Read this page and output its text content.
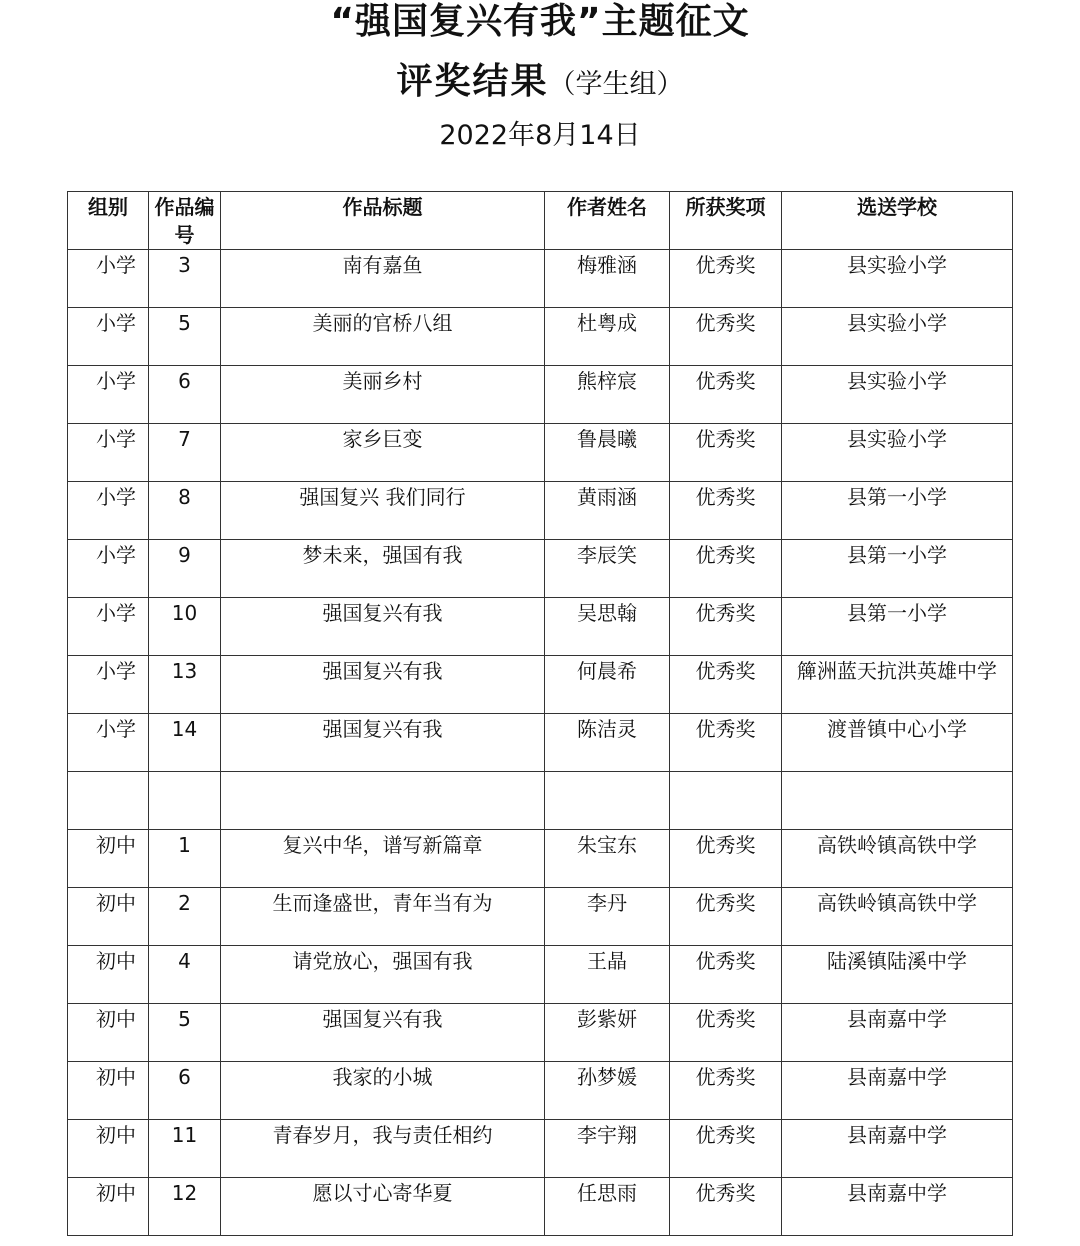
“强国复兴有我”主题征文
评奖结果（学生组）
2022年8月14日
组别	作品编号	作品标题	作者姓名	所获奖项	选送学校
小学	3	南有嘉鱼	梅雅涵	优秀奖	县实验小学
小学	5	美丽的官桥八组	杜粤成	优秀奖	县实验小学
小学	6	美丽乡村	熊梓宸	优秀奖	县实验小学
小学	7	家乡巨变	鲁晨曦	优秀奖	县实验小学
小学	8	强国复兴 我们同行	黄雨涵	优秀奖	县第一小学
小学	9	梦未来，强国有我	李辰笑	优秀奖	县第一小学
小学	10	强国复兴有我	吴思翰	优秀奖	县第一小学
小学	13	强国复兴有我	何晨希	优秀奖	簰洲蓝天抗洪英雄中学
小学	14	强国复兴有我	陈洁灵	优秀奖	渡普镇中心小学

初中	1	复兴中华，谱写新篇章	朱宝东	优秀奖	高铁岭镇高铁中学
初中	2	生而逢盛世，青年当有为	李丹	优秀奖	高铁岭镇高铁中学
初中	4	请党放心，强国有我	王晶	优秀奖	陆溪镇陆溪中学
初中	5	强国复兴有我	彭紫妍	优秀奖	县南嘉中学
初中	6	我家的小城	孙梦媛	优秀奖	县南嘉中学
初中	11	青春岁月，我与责任相约	李宇翔	优秀奖	县南嘉中学
初中	12	愿以寸心寄华夏	任思雨	优秀奖	县南嘉中学
